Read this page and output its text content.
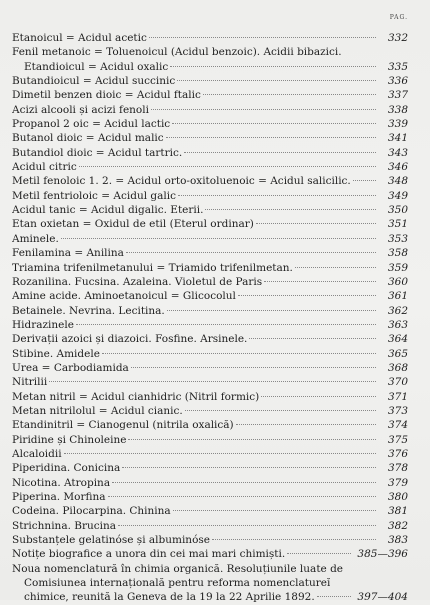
PAG.
Etanoicul = Acidul acetic	332
Fenil metanoic = Toluenoicul (Acidul benzoic). Acidii bibazici.
Etandioicul = Acidul oxalic	335
Butandioicul = Acidul succinic	336
Dimetil benzen dioic = Acidul ftalic	337
Acizi alcooli și acizi fenoli	338
Propanol 2 oic = Acidul lactic	339
Butanol dioic = Acidul malic	341
Butandiol dioic = Acidul tartric.	343
Acidul citric	346
Metil fenoloic 1. 2. = Acidul orto-oxitoluenoic = Acidul salicilic.	348
Metil fentrioloic = Acidul galic	349
Acidul tanic = Acidul digalic. Eterii.	350
Etan oxietan = Oxidul de etil (Eterul ordinar)	351
Aminele.	353
Fenilamina = Anilina	358
Triamina trifenilmetanului = Triamido trifenilmetan.	359
Rozanilina. Fucsina. Azaleina. Violetul de Paris	360
Amine acide. Aminoetanoicul = Glicocolul	361
Betainele. Nevrina. Lecitina.	362
Hidrazinele	363
Derivații azoici și diazoici. Fosfine. Arsinele.	364
Stibine. Amidele	365
Urea = Carbodiamida	368
Nitrilii	370
Metan nitril = Acidul cianhidric (Nitril formic)	371
Metan nitrilolul = Acidul cianic.	373
Etandinitril = Cianogenul (nitrila oxalică)	374
Piridine și Chinoleine	375
Alcaloidii	376
Piperidina. Conicina	378
Nicotina. Atropina	379
Piperina. Morfina	380
Codeina. Pilocarpina. Chinina	381
Strichnina. Brucina	382
Substanțele gelatinóse și albuminóse	383
Notițe biografice a unora din cei mai mari chimiști.	385—396
Noua nomenclatură în chimia organică. Resoluțiunile luate de
Comisiunea internațională pentru reforma nomenclatureĭ
chimice, reunită la Geneva de la 19 la 22 Aprilie 1892.	397—404
